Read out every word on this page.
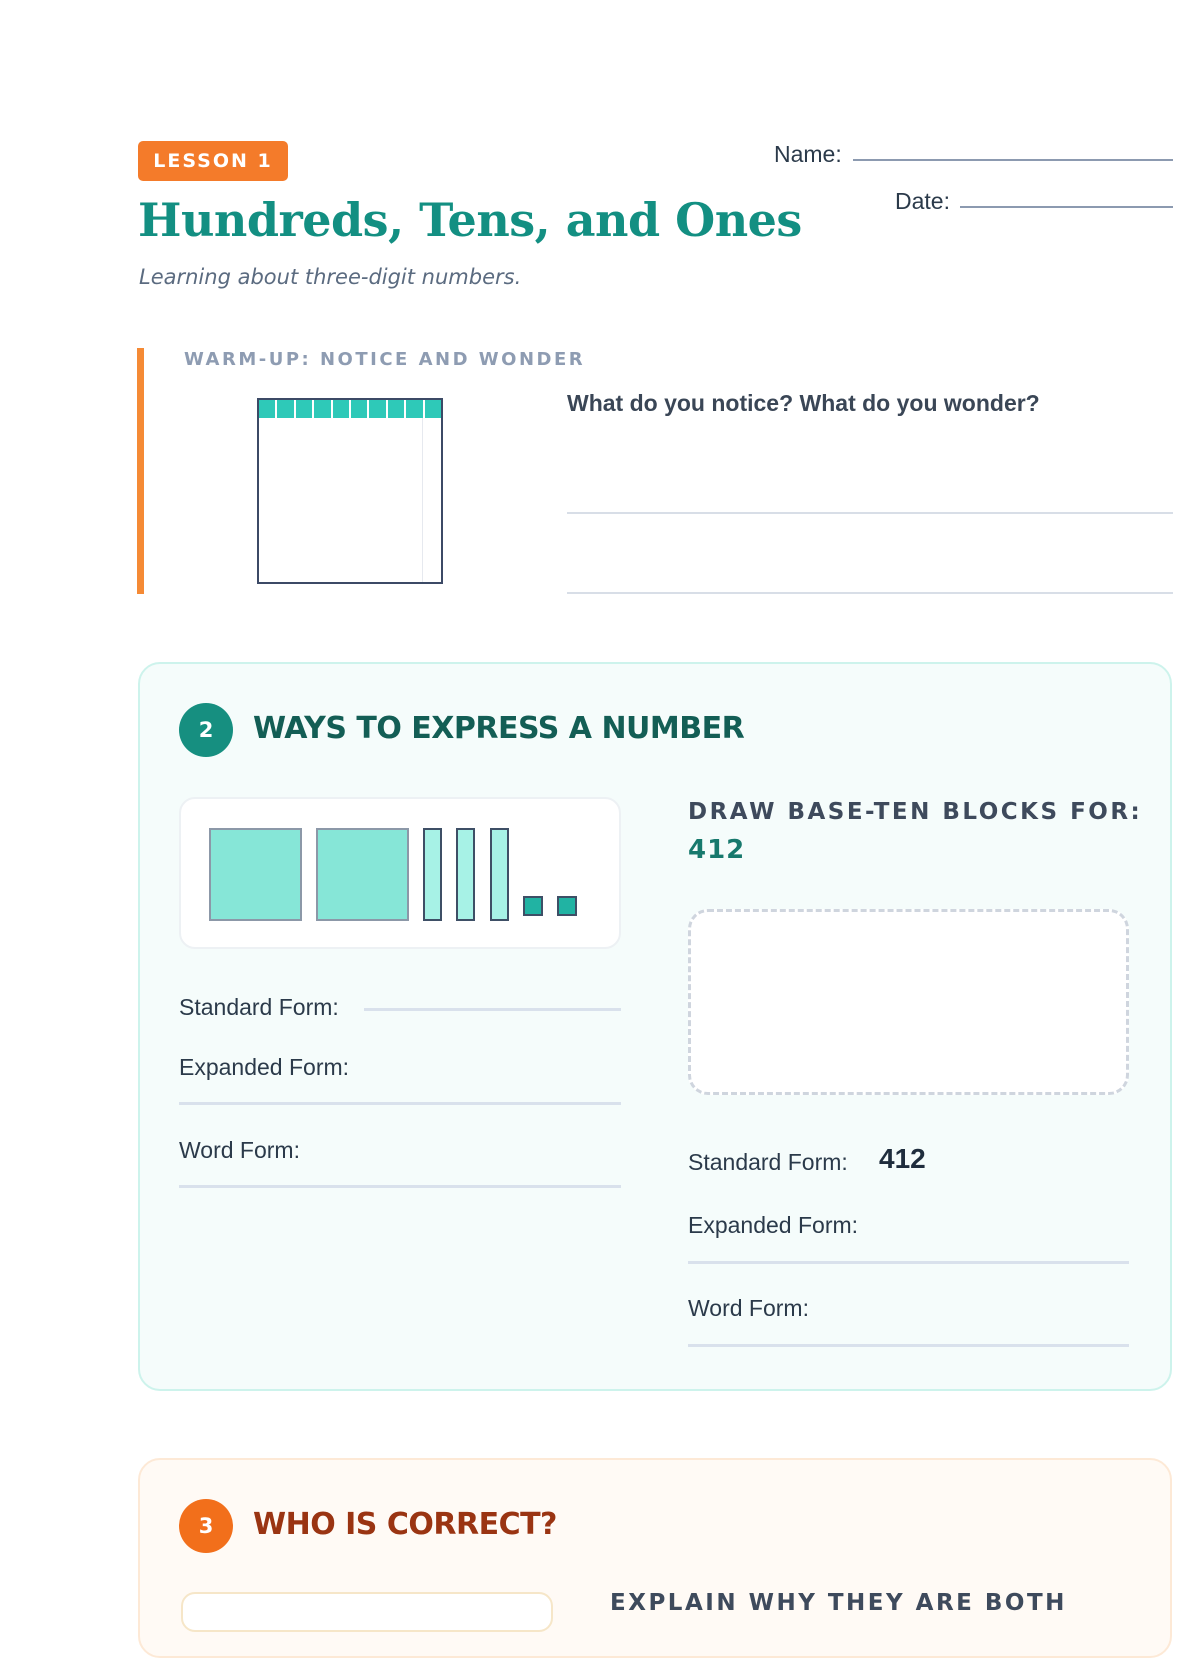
LESSON 1
Hundreds, Tens, and Ones
Learning about three-digit numbers.
Name:
Date:
WARM-UP: NOTICE AND WONDER
What do you notice? What do you wonder?
2	WAYS TO EXPRESS A NUMBER
Standard Form:
Expanded Form:
Word Form:
DRAW BASE-TEN BLOCKS FOR:
412
Standard Form: 412
Expanded Form:
Word Form:
3	WHO IS CORRECT?
EXPLAIN WHY THEY ARE BOTH
